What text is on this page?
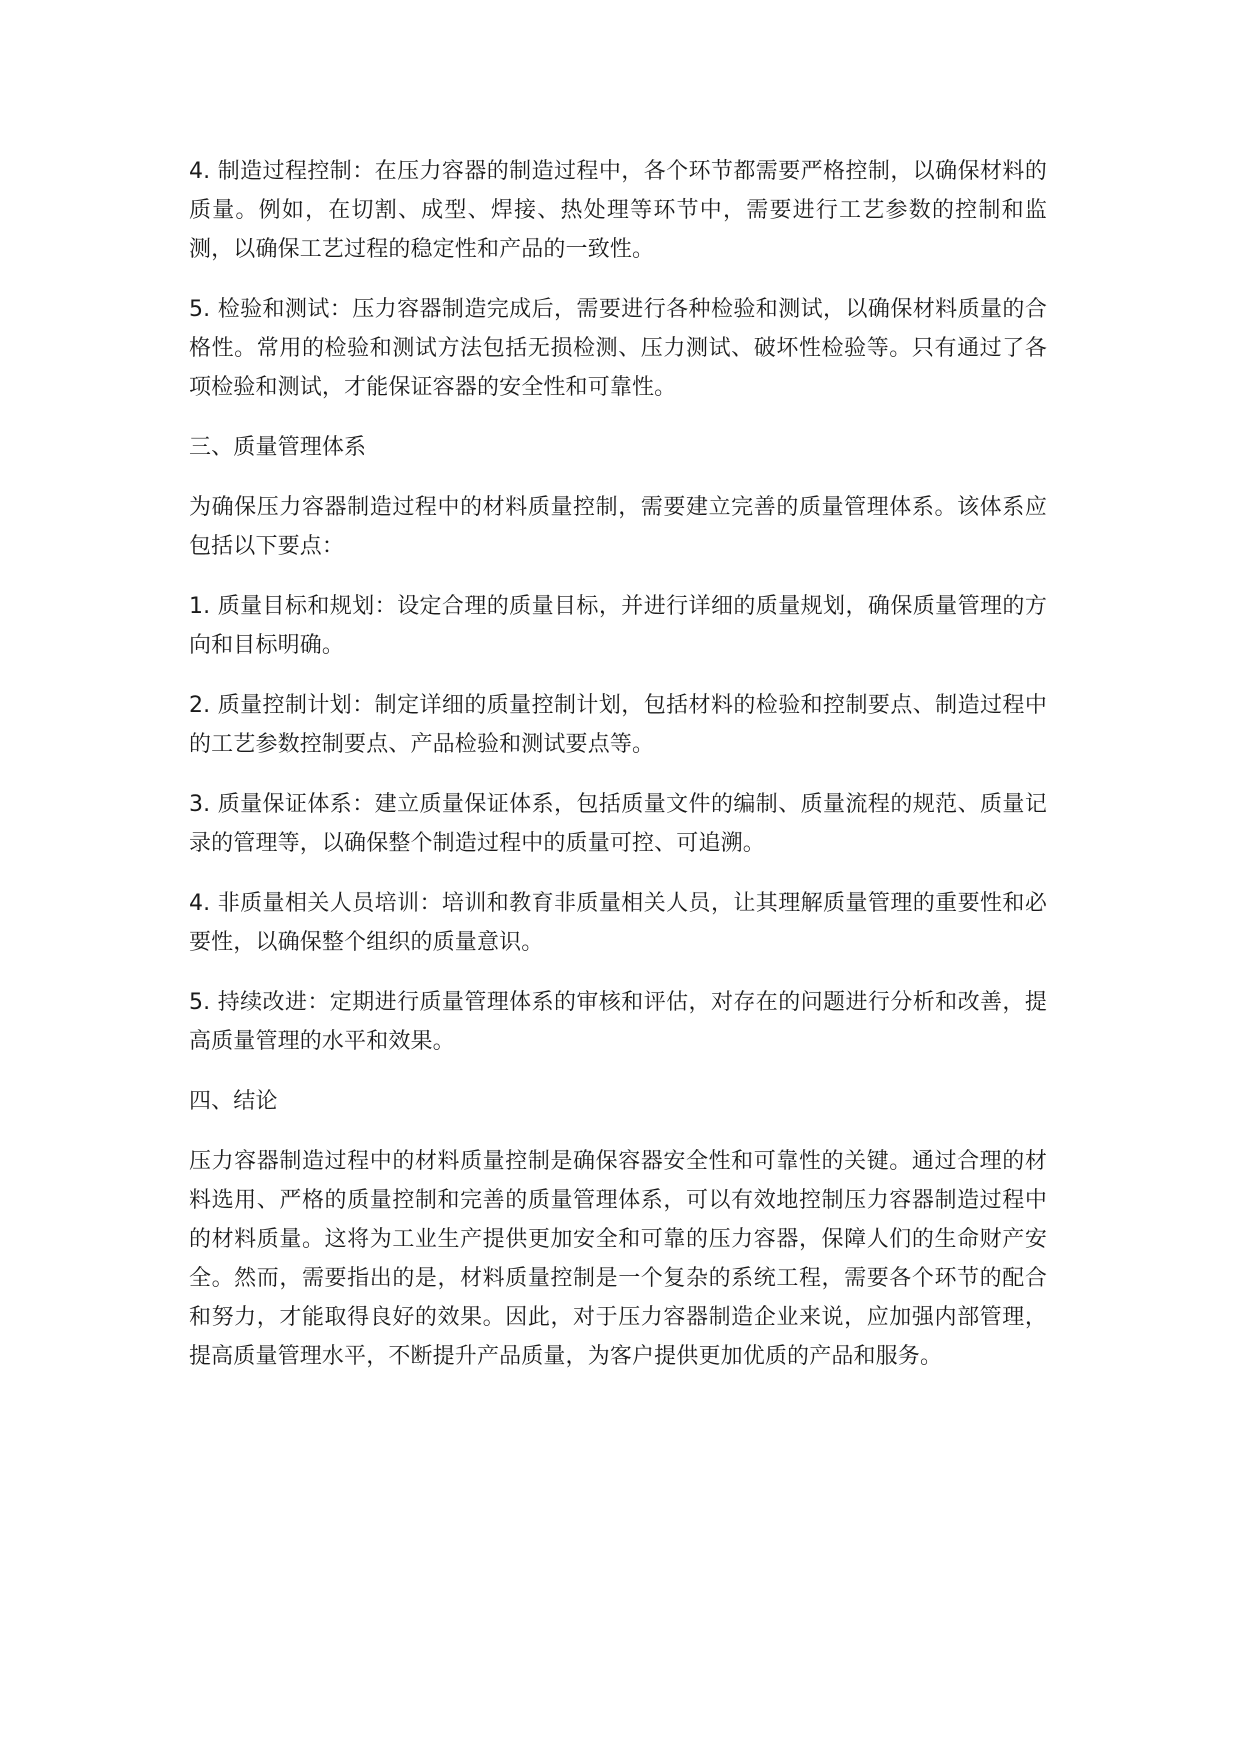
4. 制造过程控制：在压力容器的制造过程中，各个环节都需要严格控制，以确保材料的质量。例如，在切割、成型、焊接、热处理等环节中，需要进行工艺参数的控制和监测，以确保工艺过程的稳定性和产品的一致性。

5. 检验和测试：压力容器制造完成后，需要进行各种检验和测试，以确保材料质量的合格性。常用的检验和测试方法包括无损检测、压力测试、破坏性检验等。只有通过了各项检验和测试，才能保证容器的安全性和可靠性。

三、质量管理体系

为确保压力容器制造过程中的材料质量控制，需要建立完善的质量管理体系。该体系应包括以下要点：

1. 质量目标和规划：设定合理的质量目标，并进行详细的质量规划，确保质量管理的方向和目标明确。

2. 质量控制计划：制定详细的质量控制计划，包括材料的检验和控制要点、制造过程中的工艺参数控制要点、产品检验和测试要点等。

3. 质量保证体系：建立质量保证体系，包括质量文件的编制、质量流程的规范、质量记录的管理等，以确保整个制造过程中的质量可控、可追溯。

4. 非质量相关人员培训：培训和教育非质量相关人员，让其理解质量管理的重要性和必要性，以确保整个组织的质量意识。

5. 持续改进：定期进行质量管理体系的审核和评估，对存在的问题进行分析和改善，提高质量管理的水平和效果。

四、结论

压力容器制造过程中的材料质量控制是确保容器安全性和可靠性的关键。通过合理的材料选用、严格的质量控制和完善的质量管理体系，可以有效地控制压力容器制造过程中的材料质量。这将为工业生产提供更加安全和可靠的压力容器，保障人们的生命财产安全。然而，需要指出的是，材料质量控制是一个复杂的系统工程，需要各个环节的配合和努力，才能取得良好的效果。因此，对于压力容器制造企业来说，应加强内部管理，提高质量管理水平，不断提升产品质量，为客户提供更加优质的产品和服务。
